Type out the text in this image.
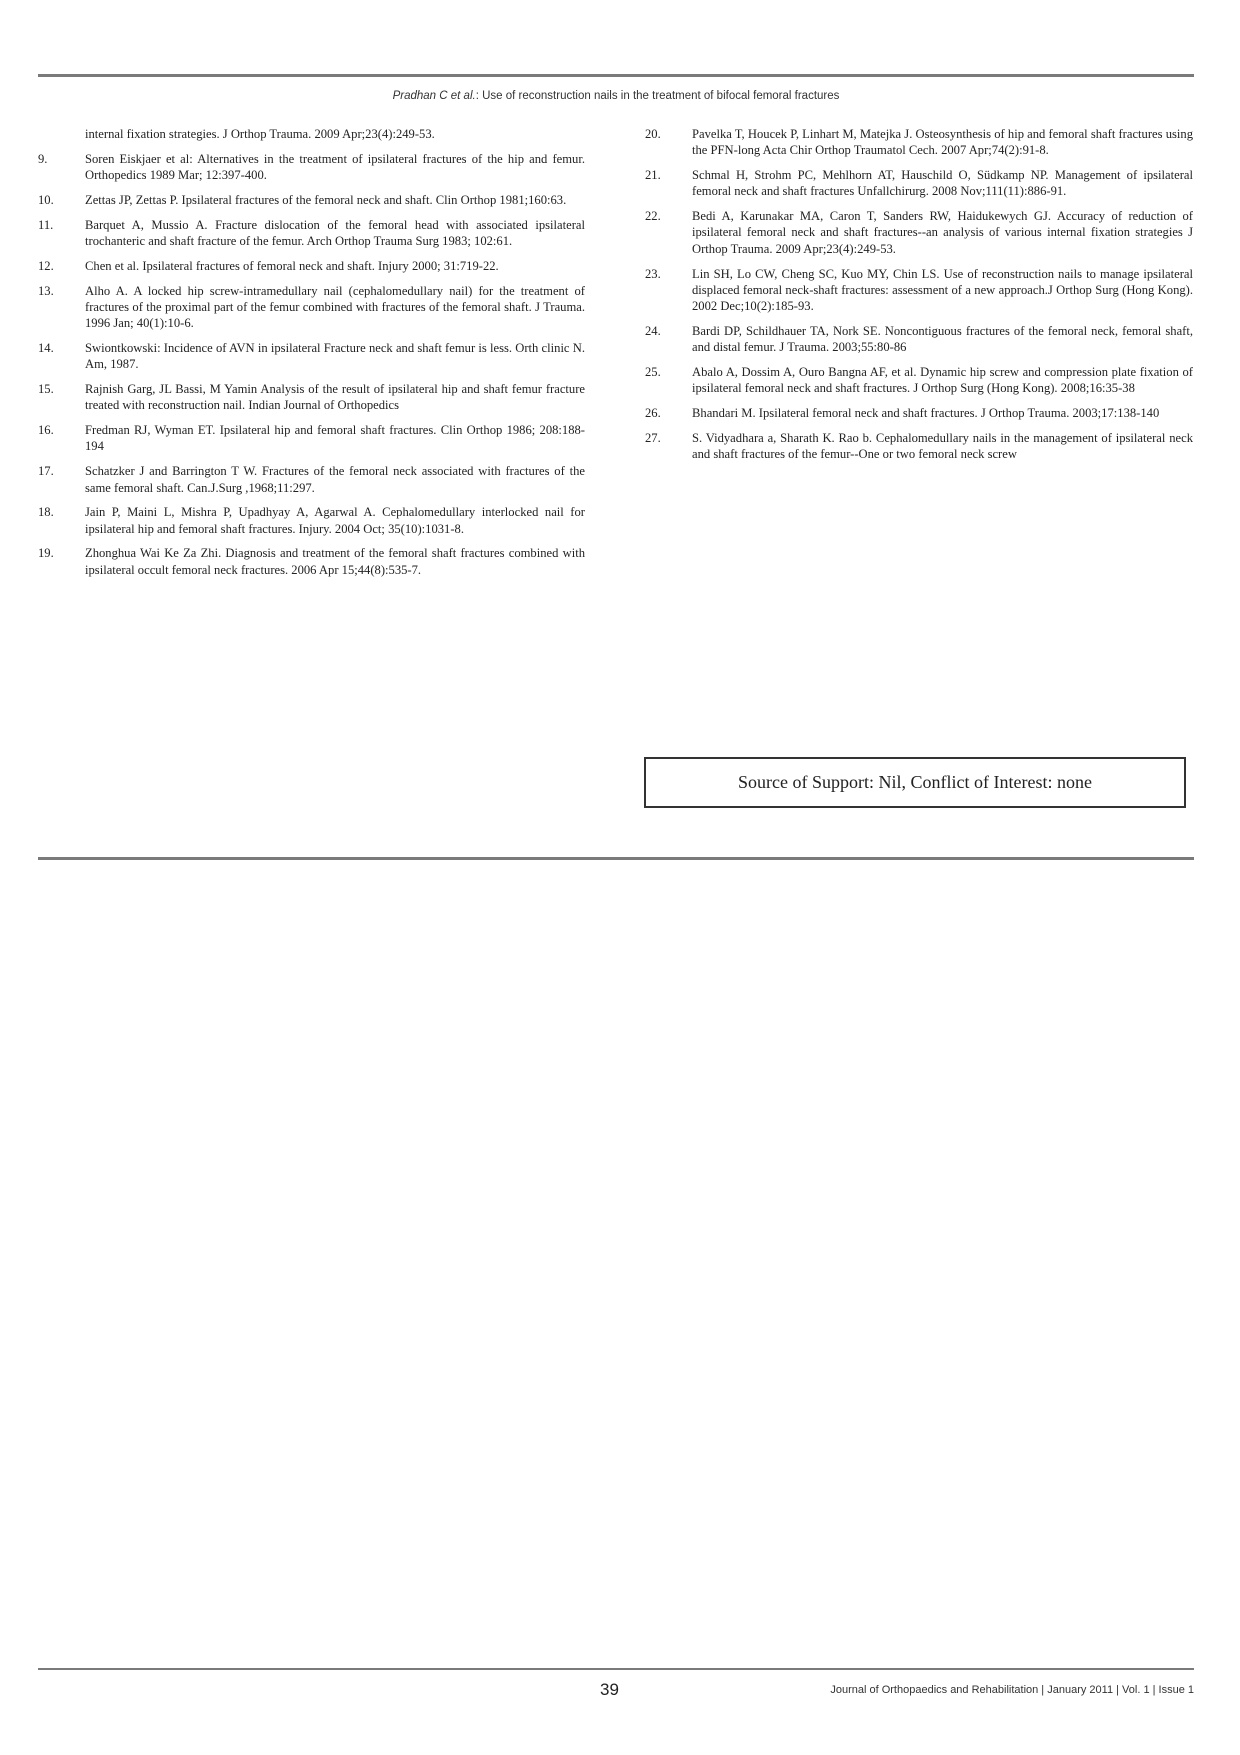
Pradhan C et al.: Use of reconstruction nails in the treatment of bifocal femoral fractures
internal fixation strategies. J Orthop Trauma. 2009 Apr;23(4):249-53.
9.	Soren Eiskjaer et al: Alternatives in the treatment of ipsilateral fractures of the hip and femur. Orthopedics 1989 Mar; 12:397-400.
10.	Zettas JP, Zettas P. Ipsilateral fractures of the femoral neck and shaft. Clin Orthop 1981;160:63.
11.	Barquet A, Mussio A. Fracture dislocation of the femoral head with associated ipsilateral trochanteric and shaft fracture of the femur. Arch Orthop Trauma Surg 1983; 102:61.
12.	Chen et al. Ipsilateral fractures of femoral neck and shaft. Injury 2000; 31:719-22.
13.	Alho A. A locked hip screw-intramedullary nail (cephalomedullary nail) for the treatment of fractures of the proximal part of the femur combined with fractures of the femoral shaft. J Trauma. 1996 Jan; 40(1):10-6.
14.	Swiontkowski: Incidence of AVN in ipsilateral Fracture neck and shaft femur is less. Orth clinic N. Am, 1987.
15.	Rajnish Garg, JL Bassi, M Yamin Analysis of the result of ipsilateral hip and shaft femur fracture treated with reconstruction nail. Indian Journal of Orthopedics
16.	Fredman RJ, Wyman ET. Ipsilateral hip and femoral shaft fractures. Clin Orthop 1986; 208:188-194
17.	Schatzker J and Barrington T W. Fractures of the femoral neck associated with fractures of the same femoral shaft. Can.J.Surg ,1968;11:297.
18.	Jain P, Maini L, Mishra P, Upadhyay A, Agarwal A. Cephalomedullary interlocked nail for ipsilateral hip and femoral shaft fractures. Injury. 2004 Oct; 35(10):1031-8.
19.	Zhonghua Wai Ke Za Zhi. Diagnosis and treatment of the femoral shaft fractures combined with ipsilateral occult femoral neck fractures. 2006 Apr 15;44(8):535-7.
20.	Pavelka T, Houcek P, Linhart M, Matejka J. Osteosynthesis of hip and femoral shaft fractures using the PFN-long Acta Chir Orthop Traumatol Cech. 2007 Apr;74(2):91-8.
21.	Schmal H, Strohm PC, Mehlhorn AT, Hauschild O, Südkamp NP. Management of ipsilateral femoral neck and shaft fractures Unfallchirurg. 2008 Nov;111(11):886-91.
22.	Bedi A, Karunakar MA, Caron T, Sanders RW, Haidukewych GJ. Accuracy of reduction of ipsilateral femoral neck and shaft fractures--an analysis of various internal fixation strategies J Orthop Trauma. 2009 Apr;23(4):249-53.
23.	Lin SH, Lo CW, Cheng SC, Kuo MY, Chin LS. Use of reconstruction nails to manage ipsilateral displaced femoral neck-shaft fractures: assessment of a new approach.J Orthop Surg (Hong Kong). 2002 Dec;10(2):185-93.
24.	Bardi DP, Schildhauer TA, Nork SE. Noncontiguous fractures of the femoral neck, femoral shaft, and distal femur. J Trauma. 2003;55:80-86
25.	Abalo A, Dossim A, Ouro Bangna AF, et al. Dynamic hip screw and compression plate fixation of ipsilateral femoral neck and shaft fractures. J Orthop Surg (Hong Kong). 2008;16:35-38
26.	Bhandari M. Ipsilateral femoral neck and shaft fractures. J Orthop Trauma. 2003;17:138-140
27.	S. Vidyadhara a, Sharath K. Rao b. Cephalomedullary nails in the management of ipsilateral neck and shaft fractures of the femur--One or two femoral neck screw
Source of Support: Nil, Conflict of Interest: none
39	Journal of Orthopaedics and Rehabilitation | January 2011 | Vol. 1 | Issue 1
